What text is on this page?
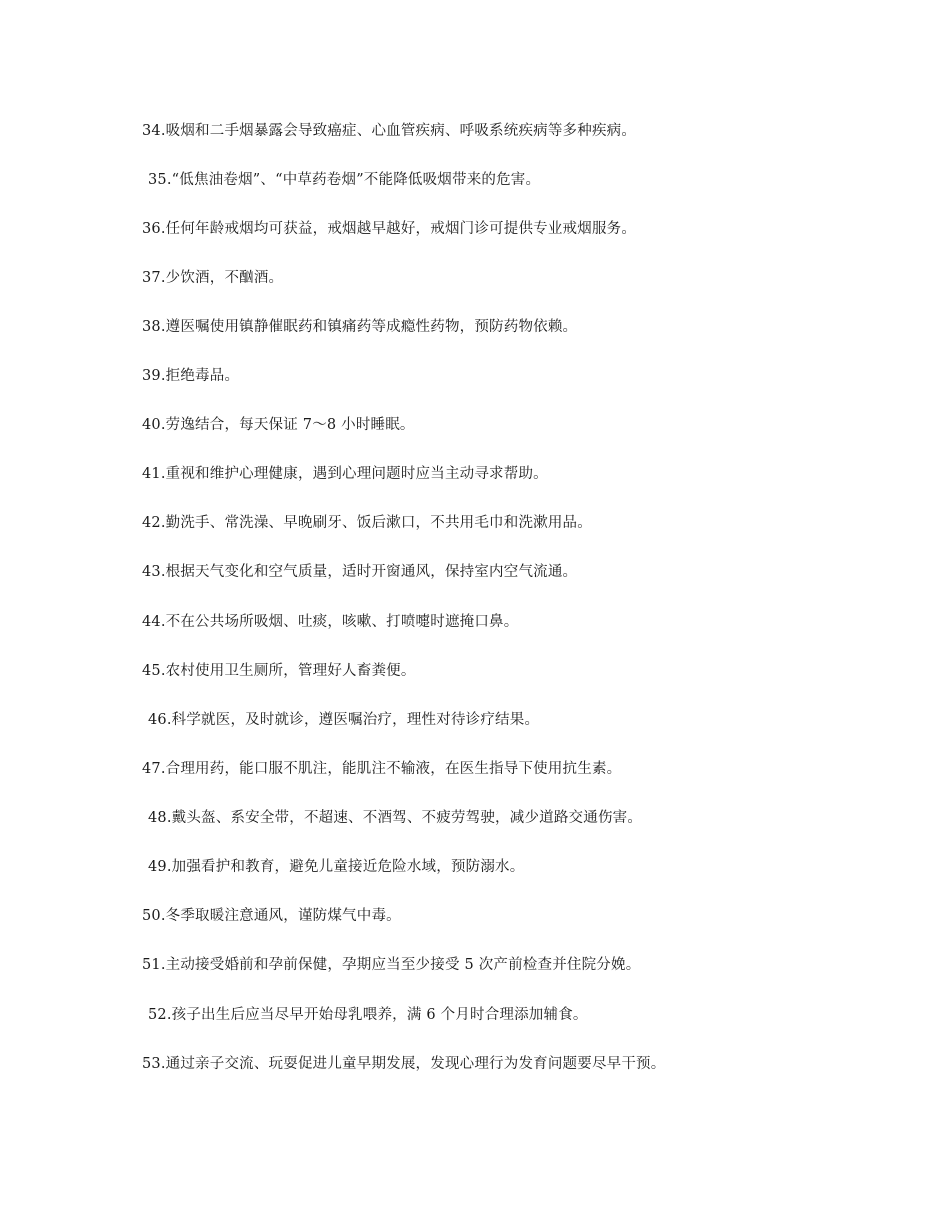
34.吸烟和二手烟暴露会导致癌症、心血管疾病、呼吸系统疾病等多种疾病。
35.“低焦油卷烟”、“中草药卷烟”不能降低吸烟带来的危害。
36.任何年龄戒烟均可获益，戒烟越早越好，戒烟门诊可提供专业戒烟服务。
37.少饮酒，不酗酒。
38.遵医嘱使用镇静催眠药和镇痛药等成瘾性药物，预防药物依赖。
39.拒绝毒品。
40.劳逸结合，每天保证 7～8 小时睡眠。
41.重视和维护心理健康，遇到心理问题时应当主动寻求帮助。
42.勤洗手、常洗澡、早晚刷牙、饭后漱口，不共用毛巾和洗漱用品。
43.根据天气变化和空气质量，适时开窗通风，保持室内空气流通。
44.不在公共场所吸烟、吐痰，咳嗽、打喷嚏时遮掩口鼻。
45.农村使用卫生厕所，管理好人畜粪便。
46.科学就医，及时就诊，遵医嘱治疗，理性对待诊疗结果。
47.合理用药，能口服不肌注，能肌注不输液，在医生指导下使用抗生素。
48.戴头盔、系安全带，不超速、不酒驾、不疲劳驾驶，减少道路交通伤害。
49.加强看护和教育，避免儿童接近危险水域，预防溺水。
50.冬季取暖注意通风，谨防煤气中毒。
51.主动接受婚前和孕前保健，孕期应当至少接受 5 次产前检查并住院分娩。
52.孩子出生后应当尽早开始母乳喂养，满 6 个月时合理添加辅食。
53.通过亲子交流、玩耍促进儿童早期发展，发现心理行为发育问题要尽早干预。
